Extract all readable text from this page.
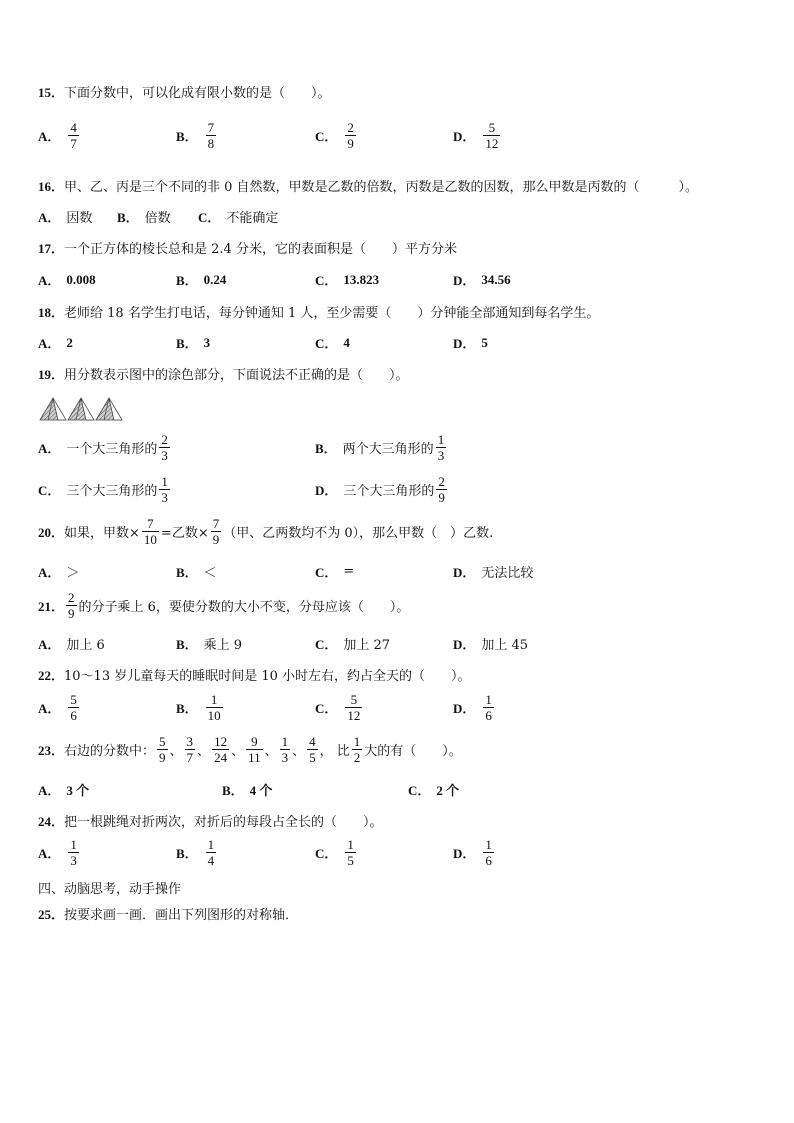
15．下面分数中，可以化成有限小数的是（　　）。
A． $\frac{4}{7}$	B． $\frac{7}{8}$	C． $\frac{2}{9}$	D． $\frac{5}{12}$
16．甲、乙、丙是三个不同的非 0 自然数，甲数是乙数的倍数，丙数是乙数的因数，那么甲数是丙数的（　　　）。
A． 因数 B． 倍数 C． 不能确定
17．一个正方体的棱长总和是 2.4 分米，它的表面积是（　　）平方分米
A． 0.008	B． 0.24	C． 13.823	D． 34.56
18．老师给 18 名学生打电话，每分钟通知 1 人，至少需要（　　）分钟能全部通知到每名学生。
A． 2	B． 3	C． 4	D． 5
19．用分数表示图中的涂色部分，下面说法不正确的是（　　）。
A． 一个大三角形的 $\frac{2}{3}$	B． 两个大三角形的 $\frac{1}{3}$
C． 三个大三角形的 $\frac{1}{3}$	D． 三个大三角形的 $\frac{2}{9}$
20． 如果，甲数× $\frac{7}{10}$ =乙数× $\frac{7}{9}$ （甲、乙两数均不为 0），那么甲数（　）乙数.
A． ＞	B． ＜	C． =	D． 无法比较
21． $\frac{2}{9}$ 的分子乘上 6，要使分数的大小不变，分母应该（　　）。
A． 加上 6	B． 乘上 9	C． 加上 27	D． 加上 45
22．10～13 岁儿童每天的睡眠时间是 10 小时左右，约占全天的（　　）。
A． $\frac{5}{6}$	B． $\frac{1}{10}$	C． $\frac{5}{12}$	D． $\frac{1}{6}$
23． 右边的分数中： $\frac{5}{9}$ 、 $\frac{3}{7}$ 、 $\frac{12}{24}$ 、 $\frac{9}{11}$ 、 $\frac{1}{3}$ 、 $\frac{4}{5}$ ， 比 $\frac{1}{2}$ 大的有（　　）。
A． 3 个	B． 4 个	C． 2 个
24．把一根跳绳对折两次，对折后的每段占全长的（　　）。
A． $\frac{1}{3}$	B． $\frac{1}{4}$	C． $\frac{1}{5}$	D． $\frac{1}{6}$
四、动脑思考，动手操作
25．按要求画一画．画出下列图形的对称轴．
